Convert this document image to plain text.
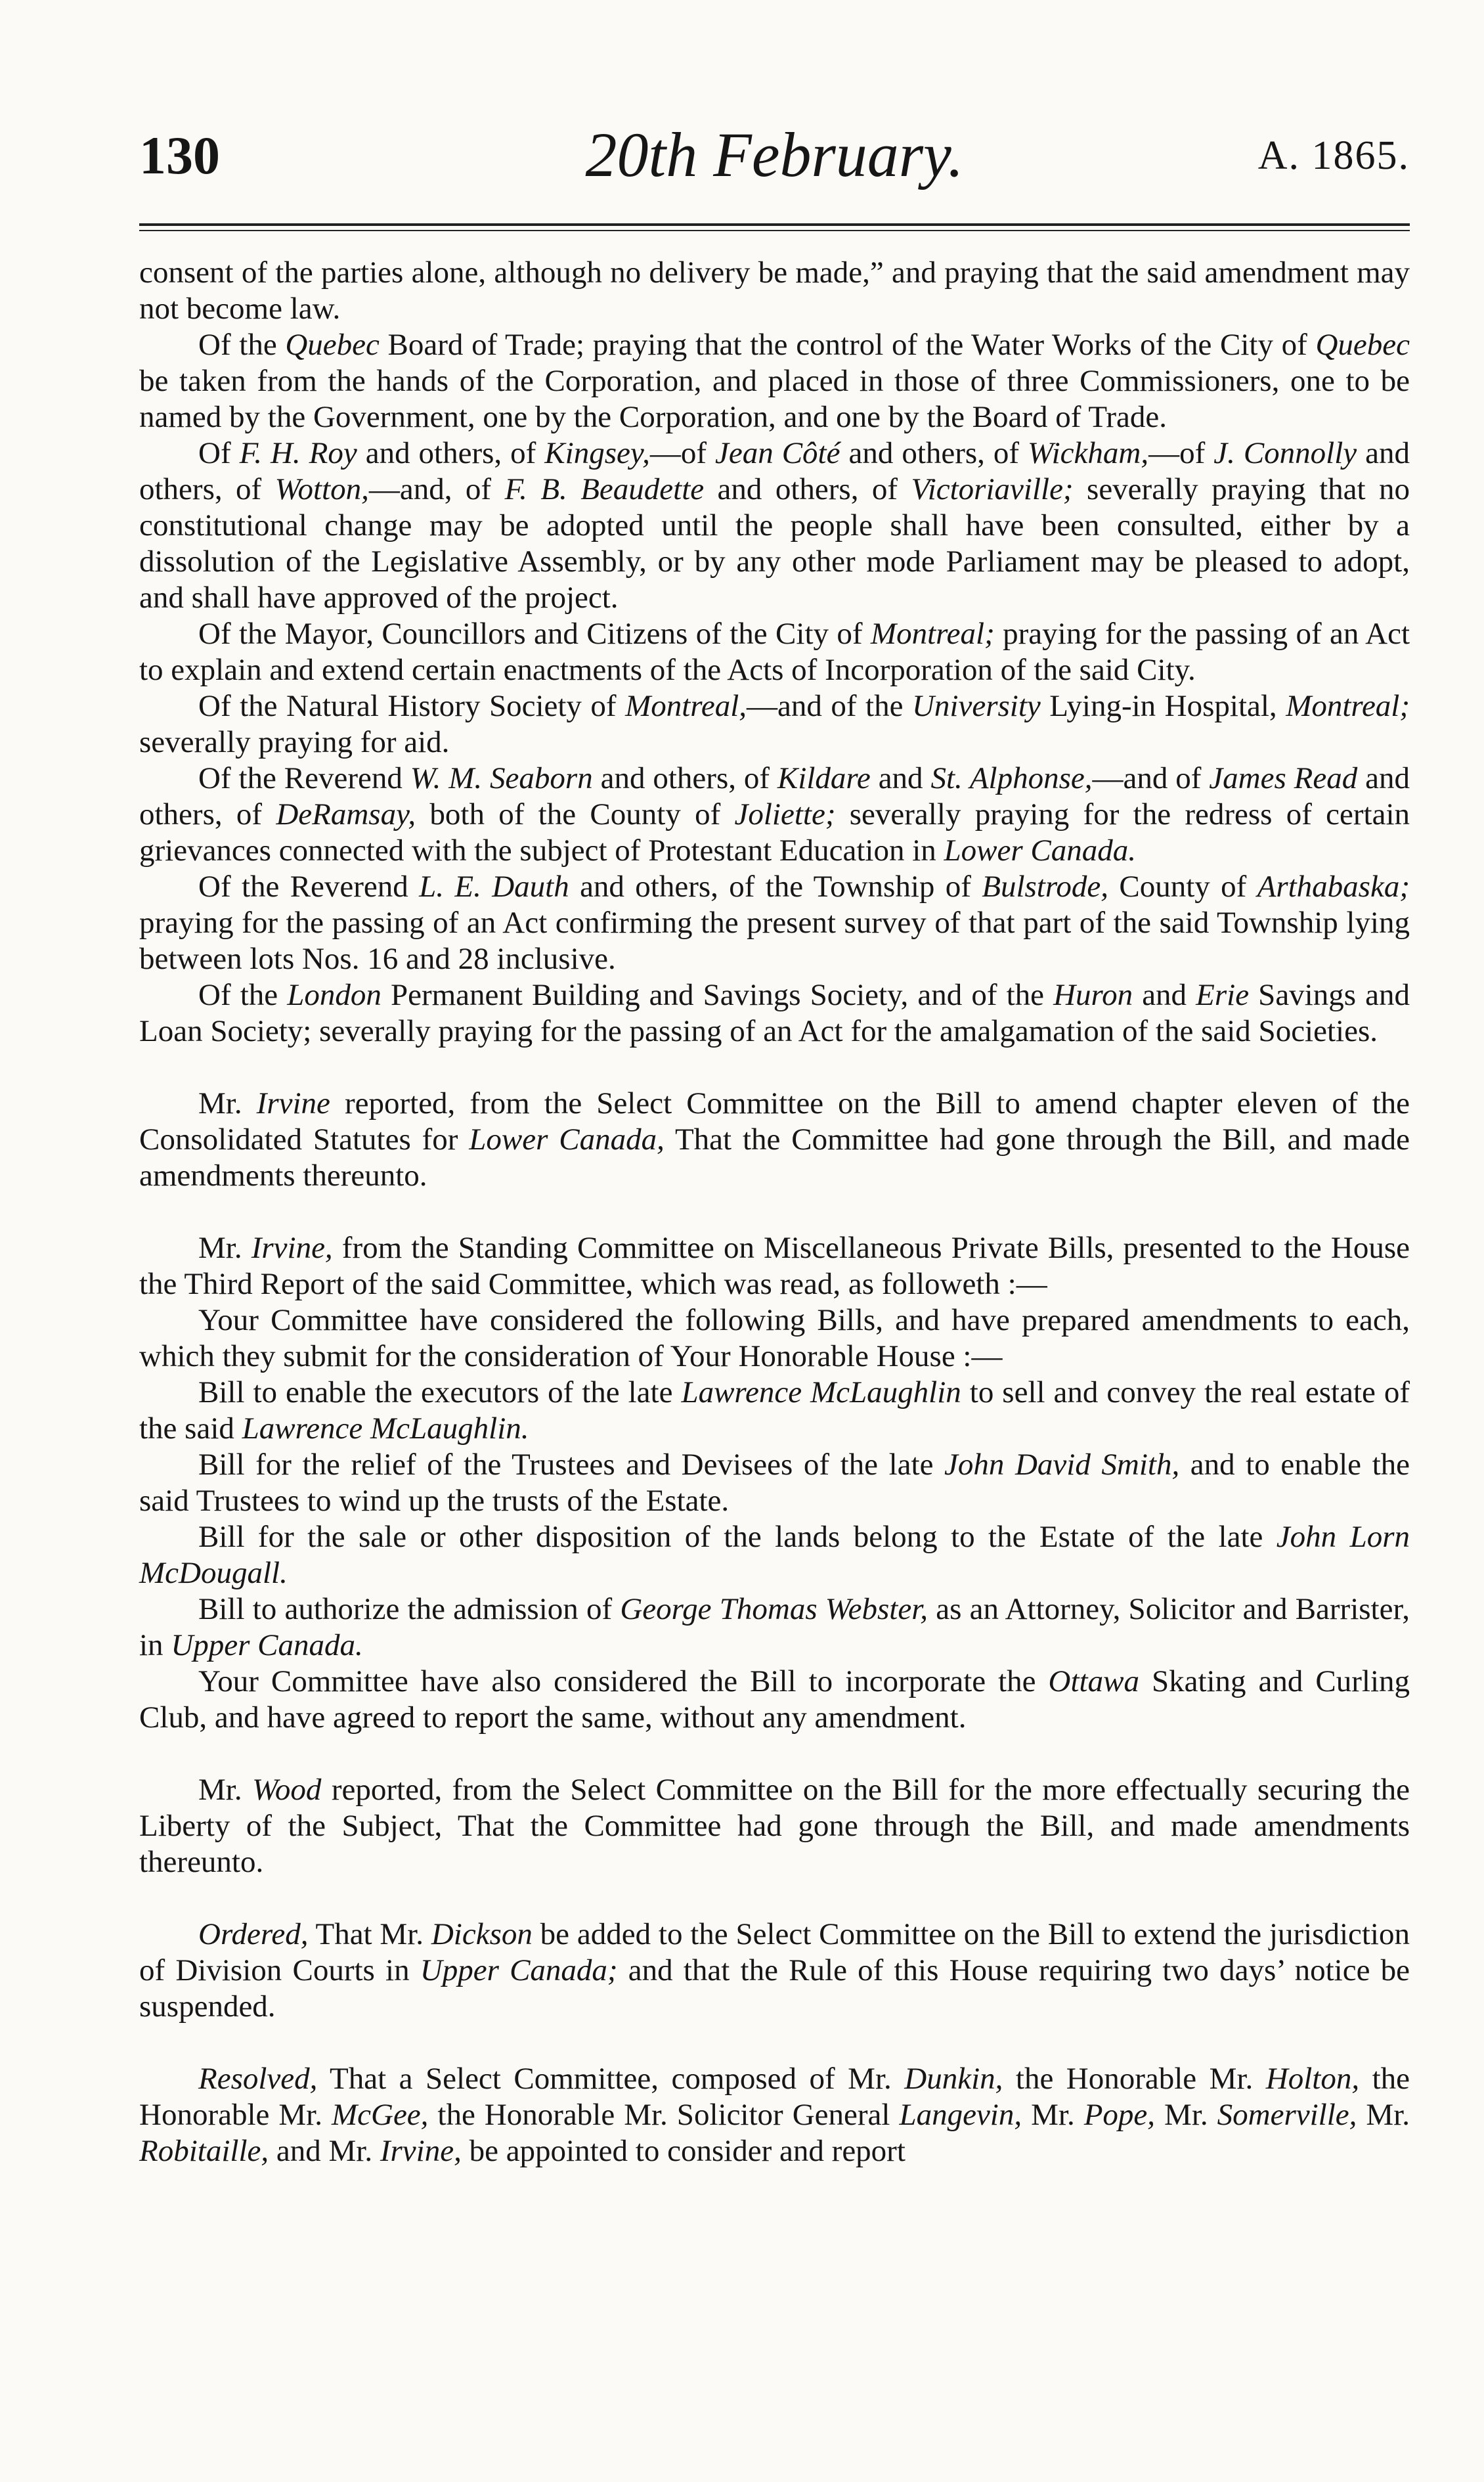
130	20th February.	A. 1865.

consent of the parties alone, although no delivery be made,” and praying that the said amendment may not become law.

Of the Quebec Board of Trade; praying that the control of the Water Works of the City of Quebec be taken from the hands of the Corporation, and placed in those of three Commissioners, one to be named by the Government, one by the Corporation, and one by the Board of Trade.

Of F. H. Roy and others, of Kingsey,—of Jean Côté and others, of Wickham,—of J. Connolly and others, of Wotton,—and, of F. B. Beaudette and others, of Victoriaville; severally praying that no constitutional change may be adopted until the people shall have been consulted, either by a dissolution of the Legislative Assembly, or by any other mode Parliament may be pleased to adopt, and shall have approved of the project.

Of the Mayor, Councillors and Citizens of the City of Montreal; praying for the passing of an Act to explain and extend certain enactments of the Acts of Incorporation of the said City.

Of the Natural History Society of Montreal,—and of the University Lying-in Hospital, Montreal; severally praying for aid.

Of the Reverend W. M. Seaborn and others, of Kildare and St. Alphonse,—and of James Read and others, of DeRamsay, both of the County of Joliette; severally praying for the redress of certain grievances connected with the subject of Protestant Education in Lower Canada.

Of the Reverend L. E. Dauth and others, of the Township of Bulstrode, County of Arthabaska; praying for the passing of an Act confirming the present survey of that part of the said Township lying between lots Nos. 16 and 28 inclusive.

Of the London Permanent Building and Savings Society, and of the Huron and Erie Savings and Loan Society; severally praying for the passing of an Act for the amalgamation of the said Societies.

Mr. Irvine reported, from the Select Committee on the Bill to amend chapter eleven of the Consolidated Statutes for Lower Canada, That the Committee had gone through the Bill, and made amendments thereunto.

Mr. Irvine, from the Standing Committee on Miscellaneous Private Bills, presented to the House the Third Report of the said Committee, which was read, as followeth :—

Your Committee have considered the following Bills, and have prepared amendments to each, which they submit for the consideration of Your Honorable House :—

Bill to enable the executors of the late Lawrence McLaughlin to sell and convey the real estate of the said Lawrence McLaughlin.

Bill for the relief of the Trustees and Devisees of the late John David Smith, and to enable the said Trustees to wind up the trusts of the Estate.

Bill for the sale or other disposition of the lands belong to the Estate of the late John Lorn McDougall.

Bill to authorize the admission of George Thomas Webster, as an Attorney, Solicitor and Barrister, in Upper Canada.

Your Committee have also considered the Bill to incorporate the Ottawa Skating and Curling Club, and have agreed to report the same, without any amendment.

Mr. Wood reported, from the Select Committee on the Bill for the more effectually securing the Liberty of the Subject, That the Committee had gone through the Bill, and made amendments thereunto.

Ordered, That Mr. Dickson be added to the Select Committee on the Bill to extend the jurisdiction of Division Courts in Upper Canada; and that the Rule of this House requiring two days’ notice be suspended.

Resolved, That a Select Committee, composed of Mr. Dunkin, the Honorable Mr. Holton, the Honorable Mr. McGee, the Honorable Mr. Solicitor General Langevin, Mr. Pope, Mr. Somerville, Mr. Robitaille, and Mr. Irvine, be appointed to consider and report
